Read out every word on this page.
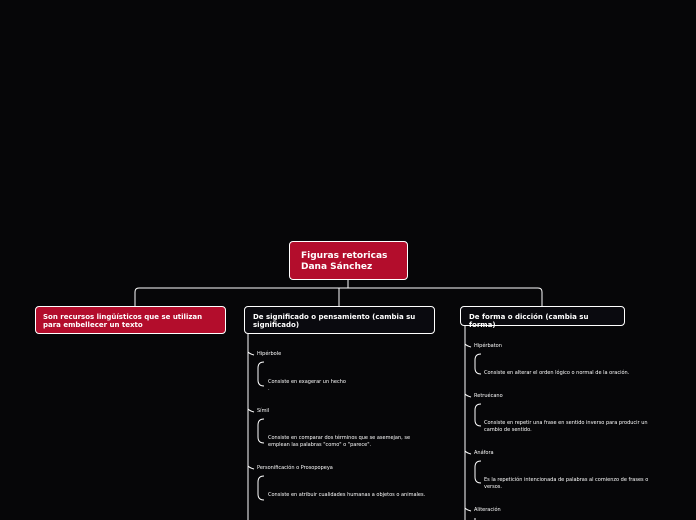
Figuras retoricas
Dana Sánchez
Son recursos lingüísticos que se utilizan para embellecer un texto
De significado o pensamiento (cambia su significado)
De forma o dicción (cambia su forma)
Hipérbole
Consiste en exagerar un hecho
.
Símil
Consiste en comparar dos términos que se asemejan, se emplean las palabras "como" o "parece".
Personificación o Prosopopeya
Consiste en atribuir cualidades humanas a objetos o animales.
Hipérbaton
Consiste en alterar el orden lógico o normal de la oración.
Retruécano
Consiste en repetir una frase en sentido inverso para producir un cambio de sentido.
Anáfora
Es la repetición intencionada de palabras al comienzo de frases o versos.
Aliteración
